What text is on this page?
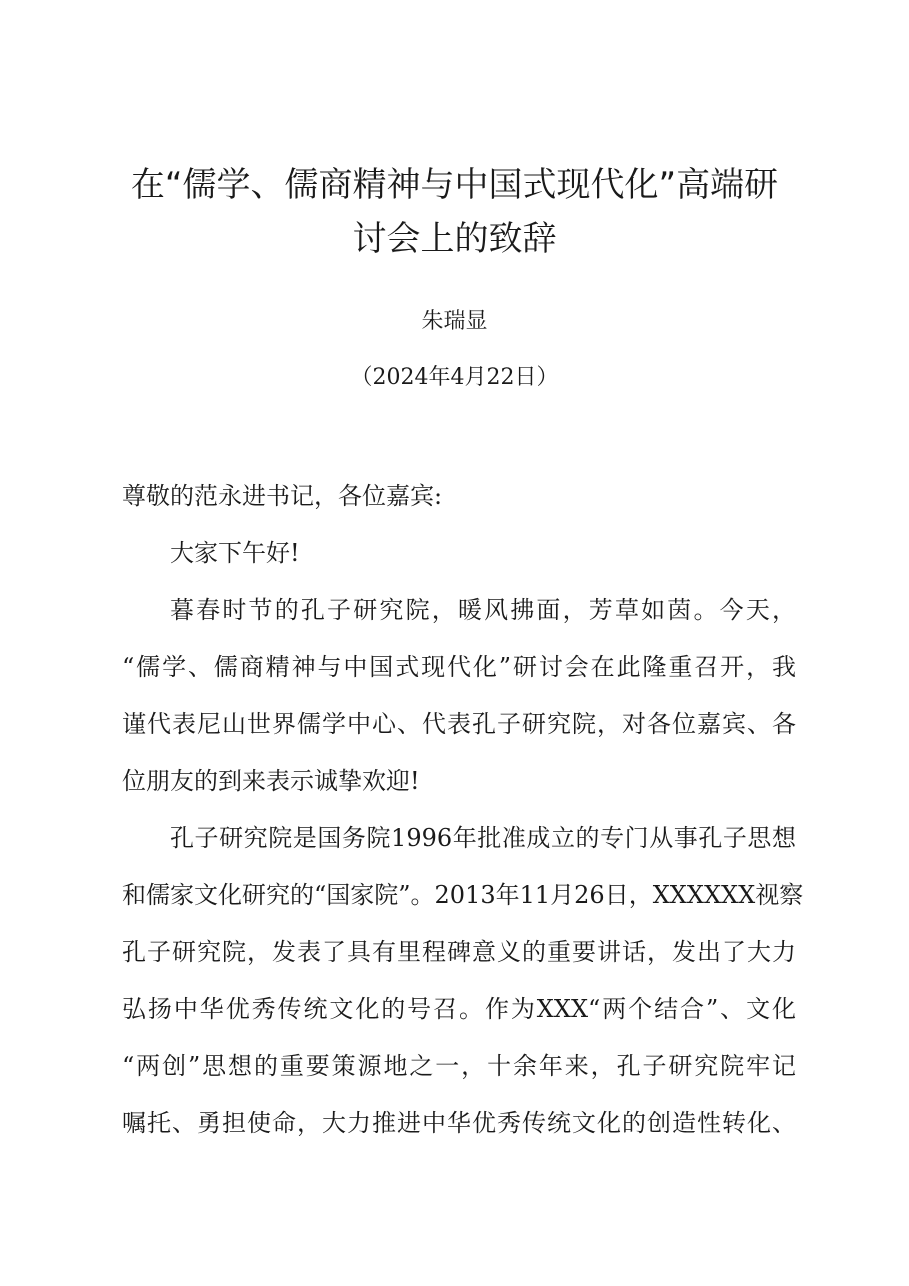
在“儒学、儒商精神与中国式现代化”高端研
讨会上的致辞
朱瑞显
（2024年4月22日）
尊敬的范永进书记，各位嘉宾:
大家下午好!
暮春时节的孔子研究院，暖风拂面，芳草如茵。今天，
“儒学、儒商精神与中国式现代化”研讨会在此隆重召开，我
谨代表尼山世界儒学中心、代表孔子研究院，对各位嘉宾、各
位朋友的到来表示诚挚欢迎!
孔子研究院是国务院1996年批准成立的专门从事孔子思想
和儒家文化研究的“国家院”。2013年11月26日，XXXXXX视察
孔子研究院，发表了具有里程碑意义的重要讲话，发出了大力
弘扬中华优秀传统文化的号召。作为XXX“两个结合”、文化
“两创”思想的重要策源地之一，十余年来，孔子研究院牢记
嘱托、勇担使命，大力推进中华优秀传统文化的创造性转化、
